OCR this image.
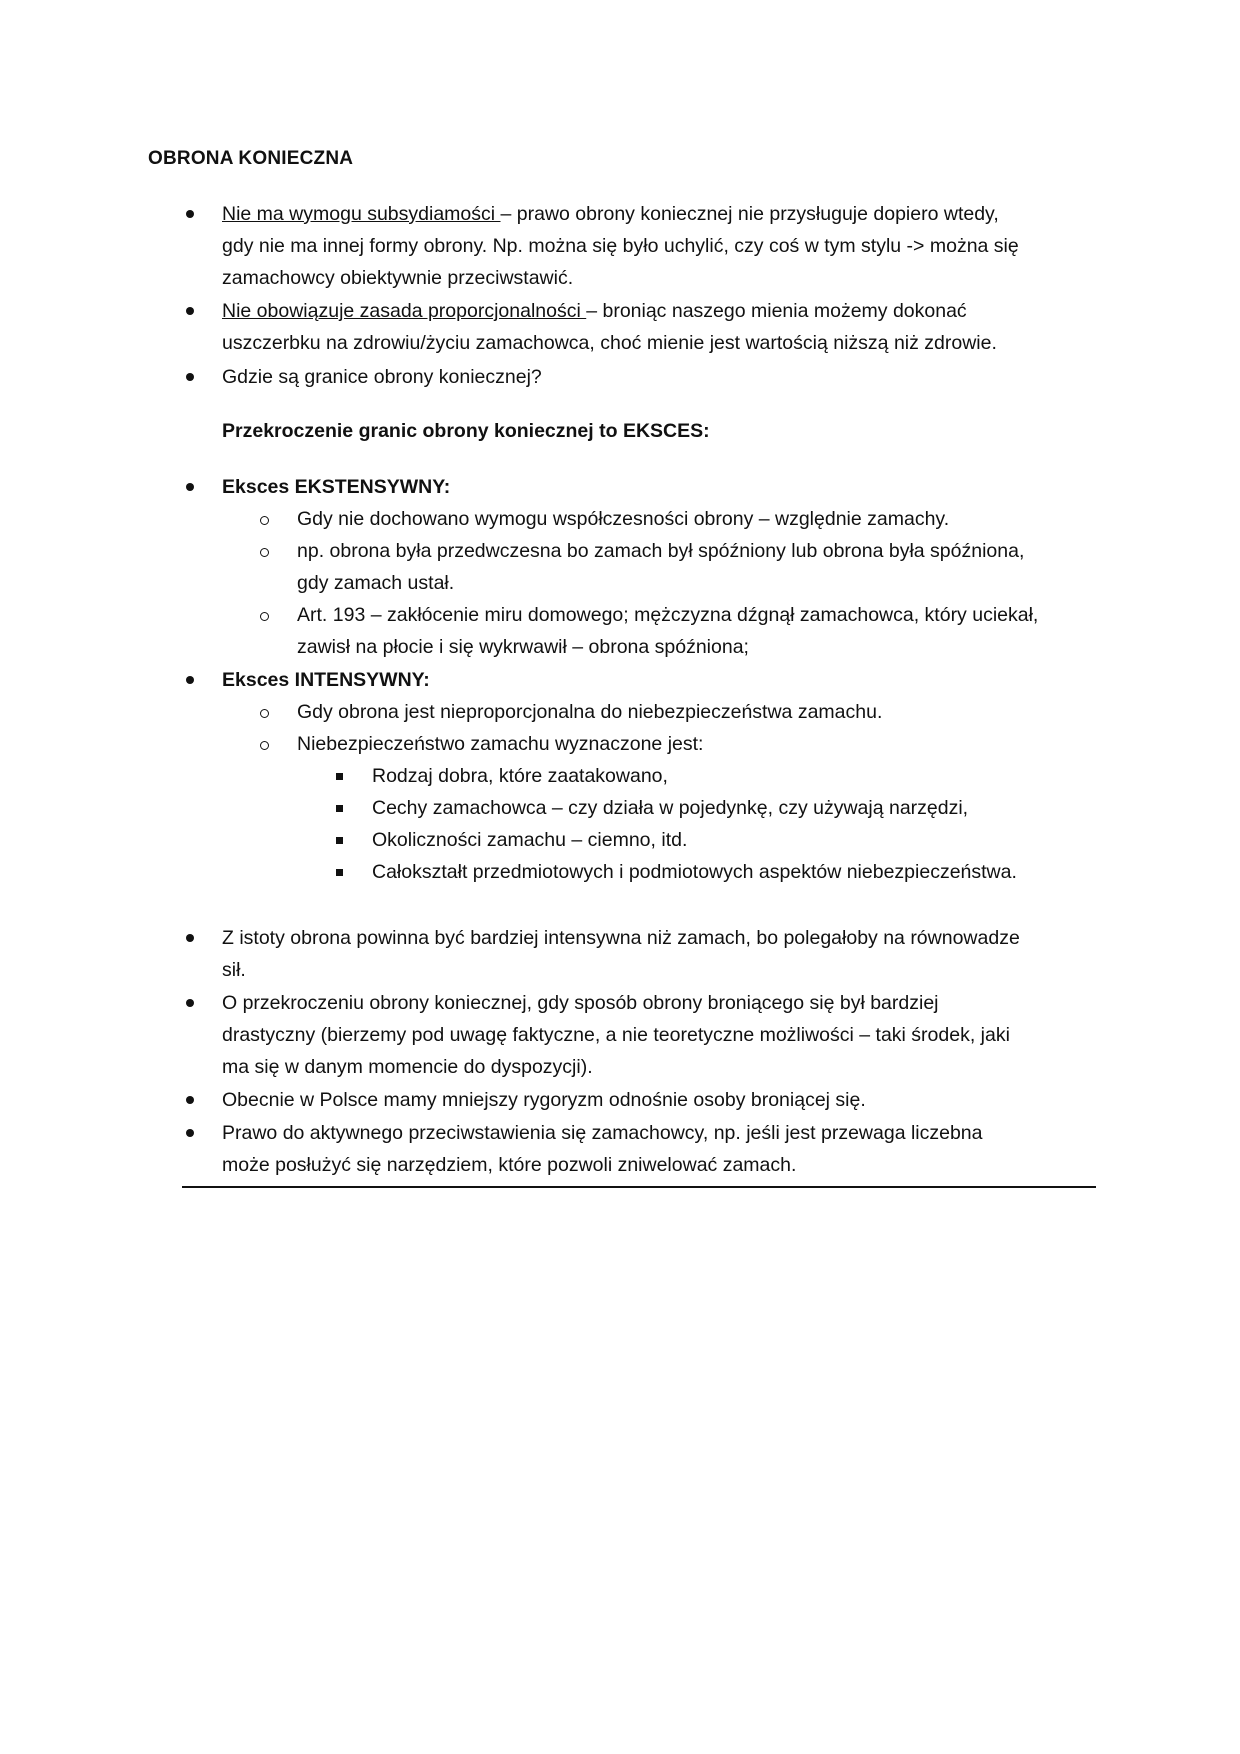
OBRONA KONIECZNA
Nie ma wymogu subsydiamości – prawo obrony koniecznej nie przysługuje dopiero wtedy,
gdy nie ma innej formy obrony. Np. można się było uchylić, czy coś w tym stylu -> można się
zamachowcy obiektywnie przeciwstawić.
Nie obowiązuje zasada proporcjonalności – broniąc naszego mienia możemy dokonać
uszczerbku na zdrowiu/życiu zamachowca, choć mienie jest wartością niższą niż zdrowie.
Gdzie są granice obrony koniecznej?
Przekroczenie granic obrony koniecznej to EKSCES:
Eksces EKSTENSYWNY:
Gdy nie dochowano wymogu współczesności obrony – względnie zamachy.
np. obrona była przedwczesna bo zamach był spóźniony lub obrona była spóźniona,
gdy zamach ustał.
Art. 193 – zakłócenie miru domowego; mężczyzna dźgnął zamachowca, który uciekał,
zawisł na płocie i się wykrwawił – obrona spóźniona;
Eksces INTENSYWNY:
Gdy obrona jest nieproporcjonalna do niebezpieczeństwa zamachu.
Niebezpieczeństwo zamachu wyznaczone jest:
Rodzaj dobra, które zaatakowano,
Cechy zamachowca – czy działa w pojedynkę, czy używają narzędzi,
Okoliczności zamachu – ciemno, itd.
Całokształt przedmiotowych i podmiotowych aspektów niebezpieczeństwa.
Z istoty obrona powinna być bardziej intensywna niż zamach, bo polegałoby na równowadze
sił.
O przekroczeniu obrony koniecznej, gdy sposób obrony broniącego się był bardziej
drastyczny (bierzemy pod uwagę faktyczne, a nie teoretyczne możliwości – taki środek, jaki
ma się w danym momencie do dyspozycji).
Obecnie w Polsce mamy mniejszy rygoryzm odnośnie osoby broniącej się.
Prawo do aktywnego przeciwstawienia się zamachowcy, np. jeśli jest przewaga liczebna
może posłużyć się narzędziem, które pozwoli zniwelować zamach.
